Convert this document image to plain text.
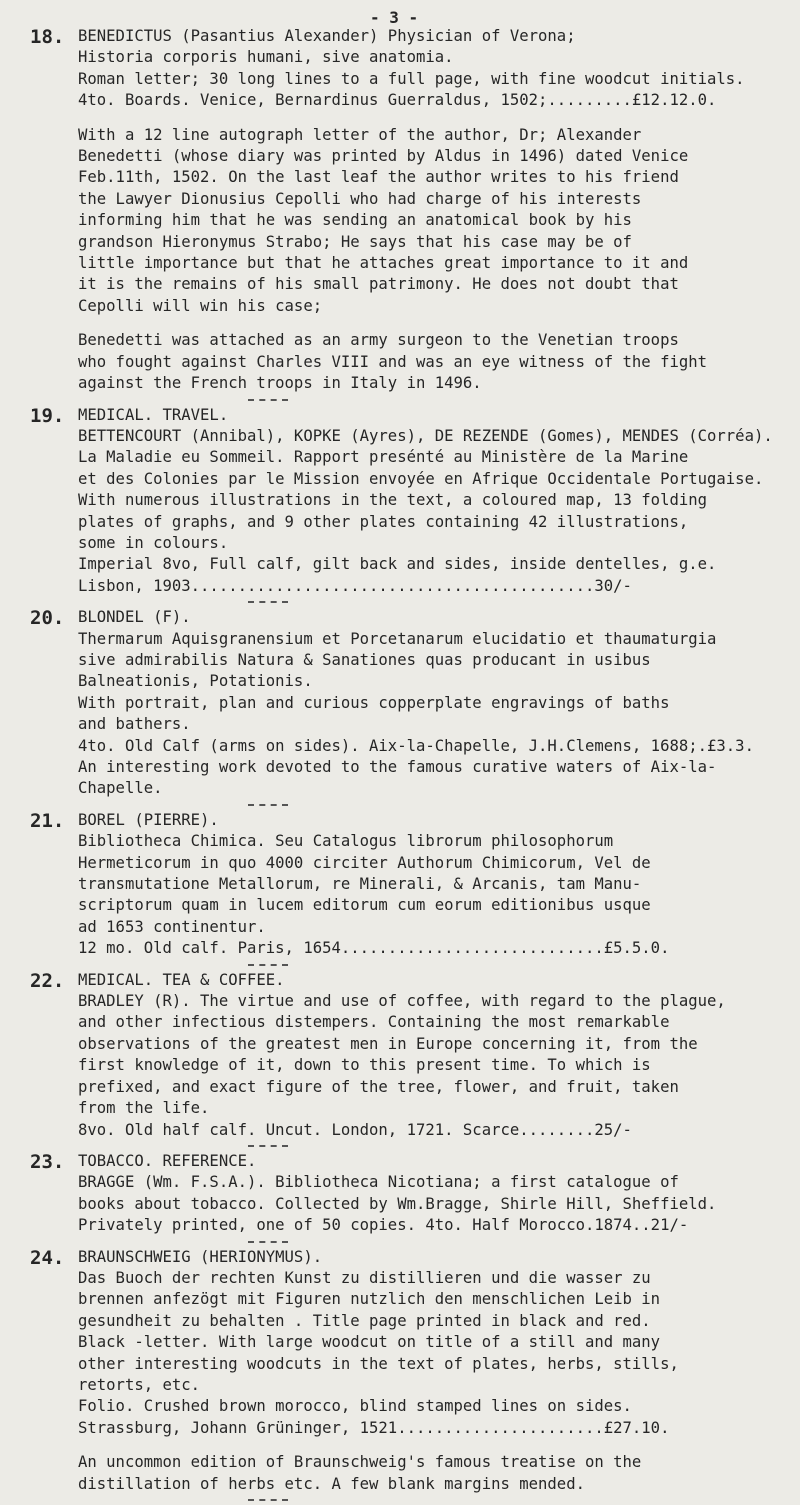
- 3 -
18. BENEDICTUS (Pasantius Alexander) Physician of Verona;

Historia corporis humani, sive anatomia.

Roman letter; 30 long lines to a full page, with fine woodcut initials.

4to. Boards. Venice, Bernardinus Guerraldus, 1502;.........£12.12.0.

With a 12 line autograph letter of the author, Dr; Alexander

Benedetti (whose diary was printed by Aldus in 1496) dated Venice

Feb.11th, 1502. On the last leaf the author writes to his friend

the Lawyer Dionusius Cepolli who had charge of his interests

informing him that he was sending an anatomical book by his

grandson Hieronymus Strabo; He says that his case may be of

little importance but that he attaches great importance to it and

it is the remains of his small patrimony. He does not doubt that

Cepolli will win his case;

Benedetti was attached as an army surgeon to the Venetian troops

who fought against Charles VIII and was an eye witness of the fight

against the French troops in Italy in 1496.

19. MEDICAL. TRAVEL.

BETTENCOURT (Annibal), KOPKE (Ayres), DE REZENDE (Gomes), MENDES (Corréa).

La Maladie eu Sommeil. Rapport presénté au Ministère de la Marine

et des Colonies par le Mission envoyée en Afrique Occidentale Portugaise.

With numerous illustrations in the text, a coloured map, 13 folding

plates of graphs, and 9 other plates containing 42 illustrations,

some in colours.

Imperial 8vo, Full calf, gilt back and sides, inside dentelles, g.e.

Lisbon, 1903...........................................30/-

20. BLONDEL (F).

Thermarum Aquisgranensium et Porcetanarum elucidatio et thaumaturgia

sive admirabilis Natura & Sanationes quas producant in usibus

Balneationis, Potationis.

With portrait, plan and curious copperplate engravings of baths

and bathers.

4to. Old Calf (arms on sides). Aix-la-Chapelle, J.H.Clemens, 1688;.£3.3.

An interesting work devoted to the famous curative waters of Aix-la-Chapelle.

21. BOREL (PIERRE).

Bibliotheca Chimica. Seu Catalogus librorum philosophorum

Hermeticorum in quo 4000 circiter Authorum Chimicorum, Vel de

transmutatione Metallorum, re Minerali, & Arcanis, tam Manu-

scriptorum quam in lucem editorum cum eorum editionibus usque

ad 1653 continentur.

12 mo. Old calf. Paris, 1654............................£5.5.0.

22. MEDICAL. TEA & COFFEE.

BRADLEY (R). The virtue and use of coffee, with regard to the plague,

and other infectious distempers. Containing the most remarkable

observations of the greatest men in Europe concerning it, from the

first knowledge of it, down to this present time. To which is

prefixed, and exact figure of the tree, flower, and fruit, taken

from the life.

8vo. Old half calf. Uncut. London, 1721. Scarce........25/-

23. TOBACCO. REFERENCE.

BRAGGE (Wm. F.S.A.). Bibliotheca Nicotiana; a first catalogue of

books about tobacco. Collected by Wm.Bragge, Shirle Hill, Sheffield.

Privately printed, one of 50 copies. 4to. Half Morocco.1874..21/-

24. BRAUNSCHWEIG (HERIONYMUS).

Das Buoch der rechten Kunst zu distillieren und die wasser zu

brennen anfezögt mit Figuren nutzlich den menschlichen Leib in

gesundheit zu behalten . Title page printed in black and red.

Black -letter. With large woodcut on title of a still and many

other interesting woodcuts in the text of plates, herbs, stills,

retorts, etc.

Folio. Crushed brown morocco, blind stamped lines on sides.

Strassburg, Johann Grüninger, 1521......................£27.10.

An uncommon edition of Braunschweig's famous treatise on the

distillation of herbs etc. A few blank margins mended.
